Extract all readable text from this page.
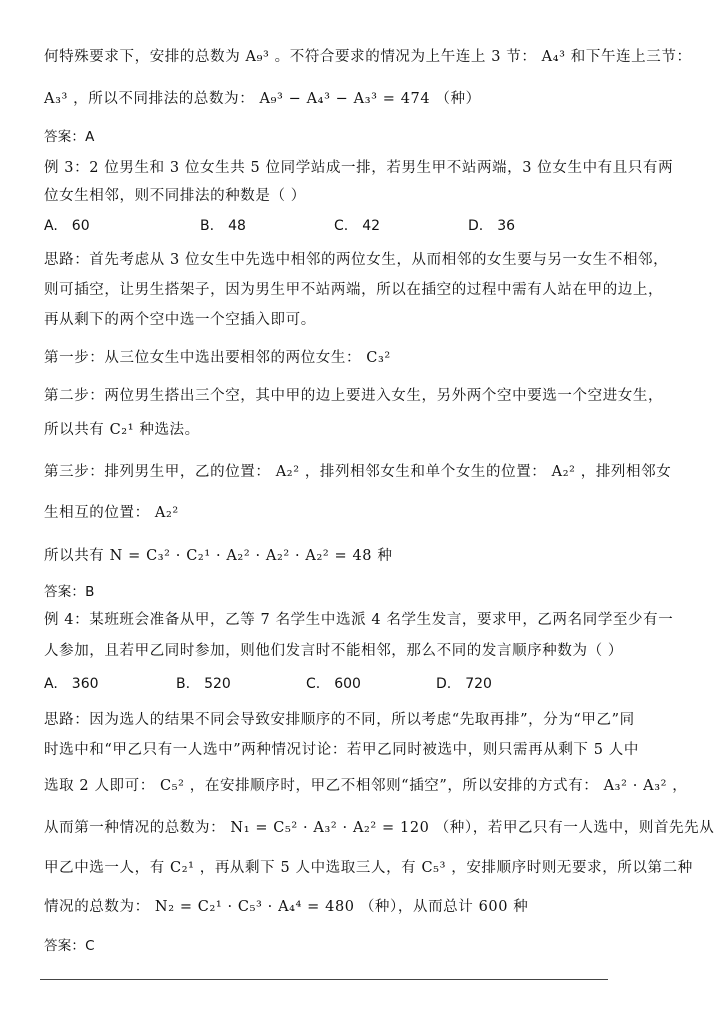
何特殊要求下，安排的总数为 A₉³ 。不符合要求的情况为上午连上 3 节： A₄³ 和下午连上三节：
A₃³ ，所以不同排法的总数为： A₉³ − A₄³ − A₃³ = 474 （种）
答案：A
例 3：2 位男生和 3 位女生共 5 位同学站成一排，若男生甲不站两端，3 位女生中有且只有两
位女生相邻，则不同排法的种数是（ ）
A. 60	B. 48	C. 42	D. 36
思路：首先考虑从 3 位女生中先选中相邻的两位女生，从而相邻的女生要与另一女生不相邻，
则可插空，让男生搭架子，因为男生甲不站两端，所以在插空的过程中需有人站在甲的边上，
再从剩下的两个空中选一个空插入即可。
第一步：从三位女生中选出要相邻的两位女生： C₃²
第二步：两位男生搭出三个空，其中甲的边上要进入女生，另外两个空中要选一个空进女生，
所以共有 C₂¹ 种选法。
第三步：排列男生甲，乙的位置： A₂² ，排列相邻女生和单个女生的位置： A₂² ，排列相邻女
生相互的位置： A₂²
所以共有 N = C₃² · C₂¹ · A₂² · A₂² · A₂² = 48 种
答案：B
例 4：某班班会准备从甲，乙等 7 名学生中选派 4 名学生发言，要求甲，乙两名同学至少有一
人参加，且若甲乙同时参加，则他们发言时不能相邻，那么不同的发言顺序种数为（ ）
A. 360	B. 520	C. 600	D. 720
思路：因为选人的结果不同会导致安排顺序的不同，所以考虑“先取再排”，分为“甲乙”同
时选中和“甲乙只有一人选中”两种情况讨论：若甲乙同时被选中，则只需再从剩下 5 人中
选取 2 人即可： C₅² ，在安排顺序时，甲乙不相邻则“插空”，所以安排的方式有： A₃² · A₃² ，
从而第一种情况的总数为： N₁ = C₅² · A₃² · A₂² = 120 （种），若甲乙只有一人选中，则首先先从
甲乙中选一人，有 C₂¹ ，再从剩下 5 人中选取三人，有 C₅³ ，安排顺序时则无要求，所以第二种
情况的总数为： N₂ = C₂¹ · C₅³ · A₄⁴ = 480 （种），从而总计 600 种
答案：C
